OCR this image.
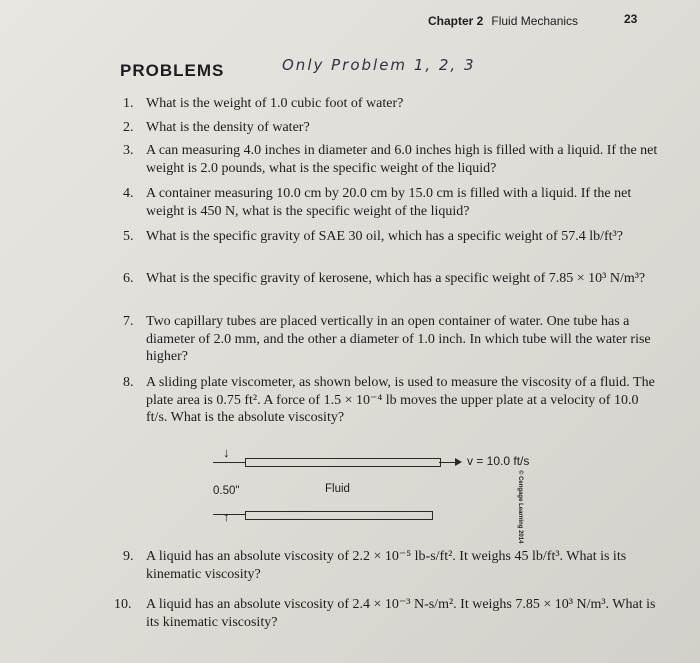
Chapter 2 Fluid Mechanics	23
PROBLEMS	Only Problem 1, 2, 3
1. What is the weight of 1.0 cubic foot of water?
2. What is the density of water?
3. A can measuring 4.0 inches in diameter and 6.0 inches high is filled with a liquid. If the net weight is 2.0 pounds, what is the specific weight of the liquid?
4. A container measuring 10.0 cm by 20.0 cm by 15.0 cm is filled with a liquid. If the net weight is 450 N, what is the specific weight of the liquid?
5. What is the specific gravity of SAE 30 oil, which has a specific weight of 57.4 lb/ft³?
6. What is the specific gravity of kerosene, which has a specific weight of 7.85 × 10³ N/m³?
7. Two capillary tubes are placed vertically in an open container of water. One tube has a diameter of 2.0 mm, and the other a diameter of 1.0 inch. In which tube will the water rise higher?
8. A sliding plate viscometer, as shown below, is used to measure the viscosity of a fluid. The plate area is 0.75 ft². A force of 1.5 × 10⁻⁴ lb moves the upper plate at a velocity of 10.0 ft/s. What is the absolute viscosity?
↓
v = 10.0 ft/s
0.50"	Fluid
↑	© Cengage Learning 2014
9. A liquid has an absolute viscosity of 2.2 × 10⁻⁵ lb-s/ft². It weighs 45 lb/ft³. What is its kinematic viscosity?
10. A liquid has an absolute viscosity of 2.4 × 10⁻³ N-s/m². It weighs 7.85 × 10³ N/m³. What is its kinematic viscosity?
